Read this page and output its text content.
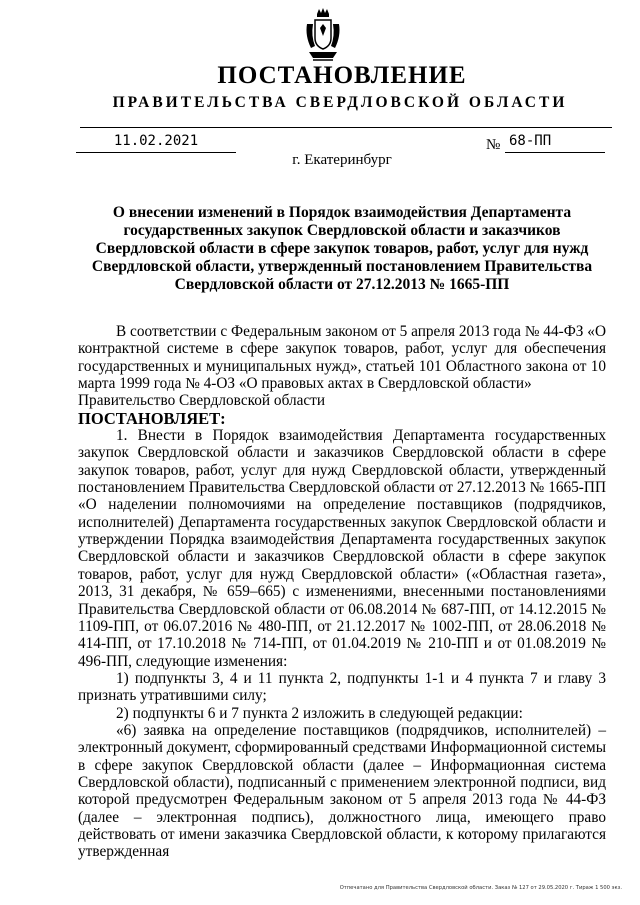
ПОСТАНОВЛЕНИЕ
ПРАВИТЕЛЬСТВА СВЕРДЛОВСКОЙ ОБЛАСТИ
11.02.2021	№ 68-ПП
г. Екатеринбург
О внесении изменений в Порядок взаимодействия Департамента государственных закупок Свердловской области и заказчиков Свердловской области в сфере закупок товаров, работ, услуг для нужд Свердловской области, утвержденный постановлением Правительства Свердловской области от 27.12.2013 № 1665-ПП

В соответствии с Федеральным законом от 5 апреля 2013 года № 44-ФЗ «О контрактной системе в сфере закупок товаров, работ, услуг для обеспечения государственных и муниципальных нужд», статьей 101 Областного закона от 10 марта 1999 года № 4-ОЗ «О правовых актах в Свердловской области»

Правительство Свердловской области

ПОСТАНОВЛЯЕТ:

1. Внести в Порядок взаимодействия Департамента государственных закупок Свердловской области и заказчиков Свердловской области в сфере закупок товаров, работ, услуг для нужд Свердловской области, утвержденный постановлением Правительства Свердловской области от 27.12.2013 № 1665-ПП «О наделении полномочиями на определение поставщиков (подрядчиков, исполнителей) Департамента государственных закупок Свердловской области и утверждении Порядка взаимодействия Департамента государственных закупок Свердловской области и заказчиков Свердловской области в сфере закупок товаров, работ, услуг для нужд Свердловской области» («Областная газета», 2013, 31 декабря, № 659–665) с изменениями, внесенными постановлениями Правительства Свердловской области от 06.08.2014 № 687-ПП, от 14.12.2015 № 1109-ПП, от 06.07.2016 № 480-ПП, от 21.12.2017 № 1002-ПП, от 28.06.2018 № 414-ПП, от 17.10.2018 № 714-ПП, от 01.04.2019 № 210-ПП и от 01.08.2019 № 496-ПП, следующие изменения:

1) подпункты 3, 4 и 11 пункта 2, подпункты 1-1 и 4 пункта 7 и главу 3 признать утратившими силу;

2) подпункты 6 и 7 пункта 2 изложить в следующей редакции:

«6) заявка на определение поставщиков (подрядчиков, исполнителей) – электронный документ, сформированный средствами Информационной системы в сфере закупок Свердловской области (далее – Информационная система Свердловской области), подписанный с применением электронной подписи, вид которой предусмотрен Федеральным законом от 5 апреля 2013 года № 44-ФЗ (далее – электронная подпись), должностного лица, имеющего право действовать от имени заказчика Свердловской области, к которому прилагаются утвержденная

Отпечатано для Правительства Свердловской области. Заказ № 127 от 29.05.2020 г. Тираж 1 500 экз.
